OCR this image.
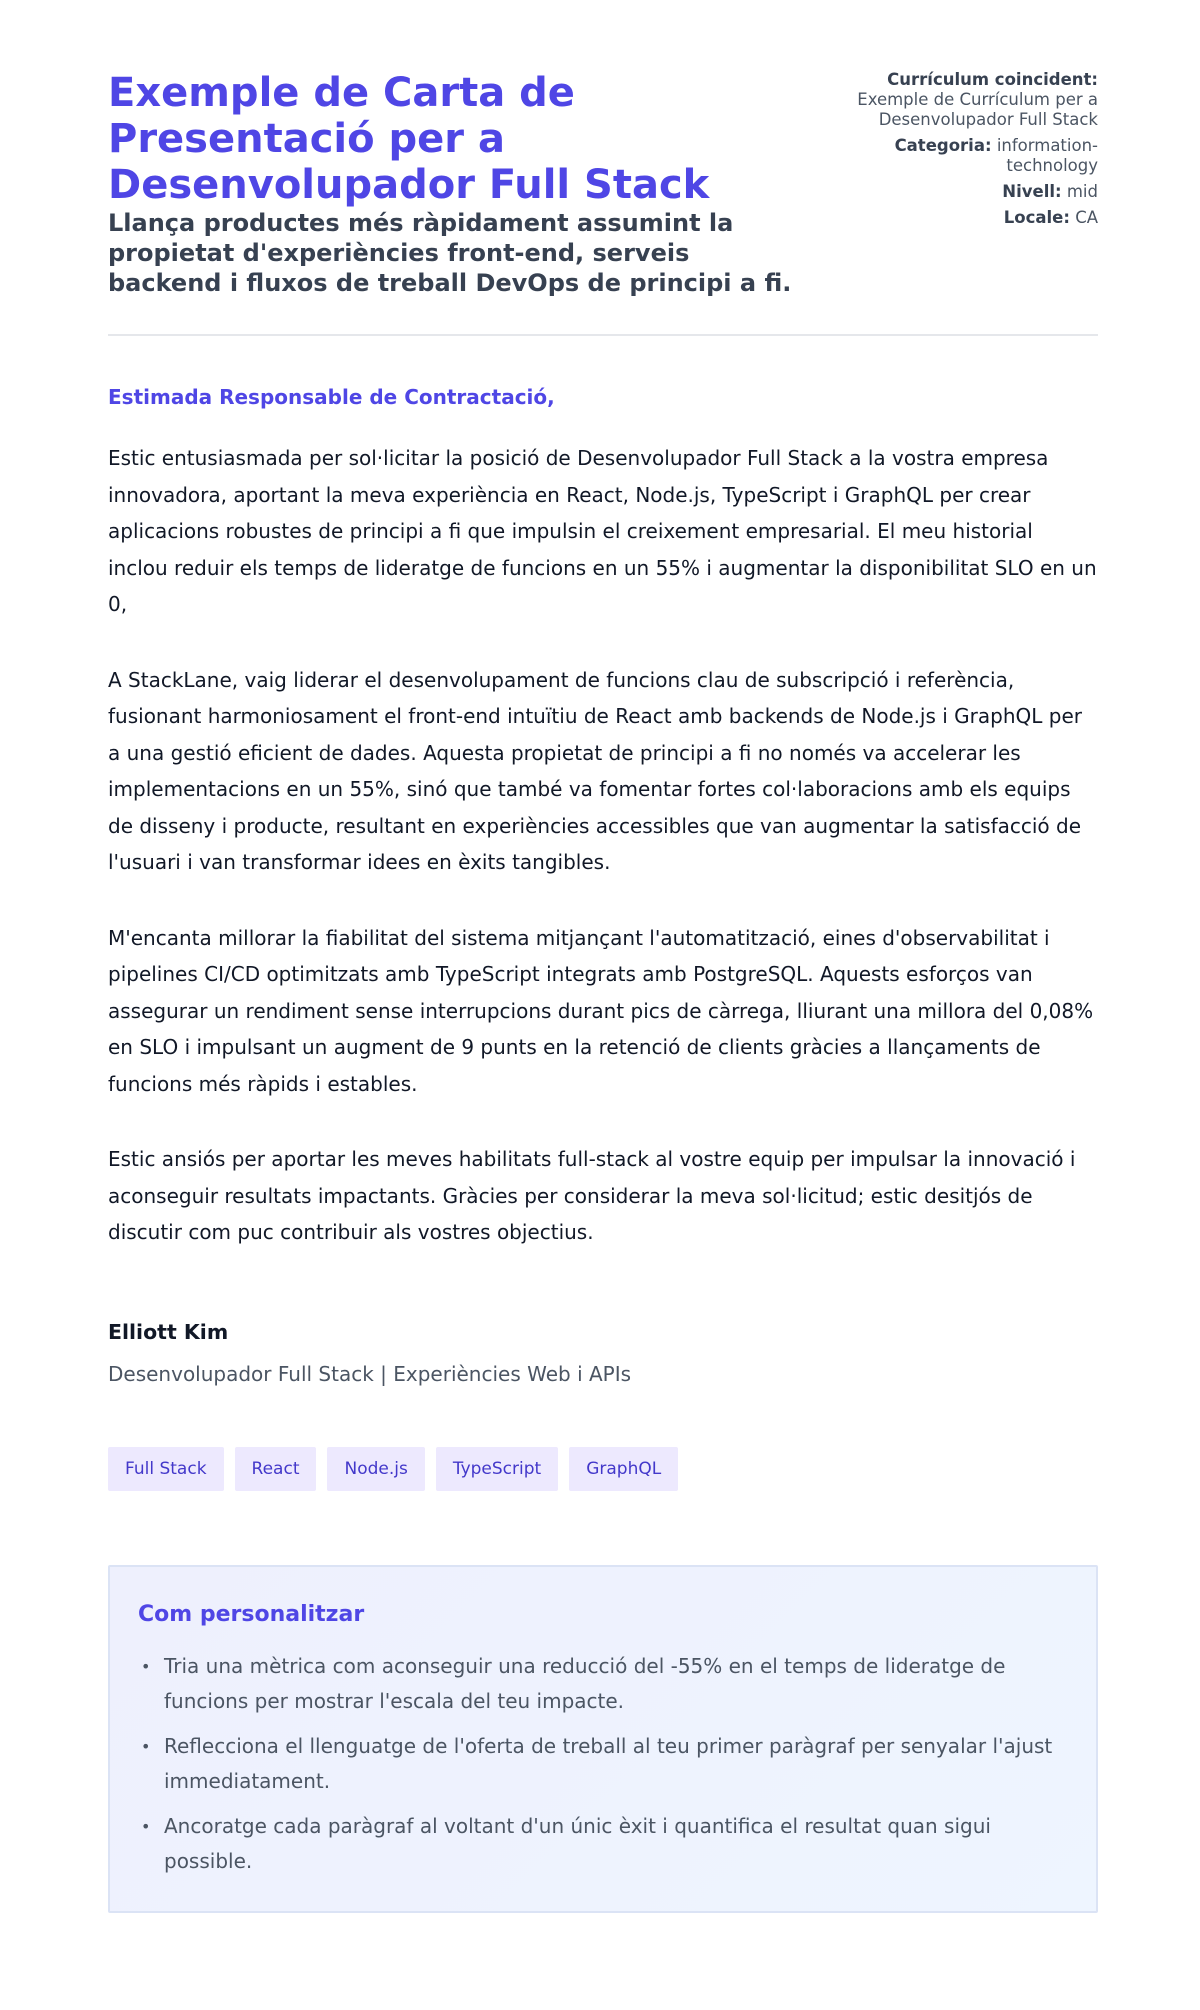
Exemple de Carta de Presentació per a Desenvolupador Full Stack
Llança productes més ràpidament assumint la propietat d'experiències front-end, serveis backend i fluxos de treball DevOps de principi a fi.
Currículum coincident:
Exemple de Currículum per a Desenvolupador Full Stack
Categoria: information-technology
Nivell: mid
Locale: CA

Estimada Responsable de Contractació,

Estic entusiasmada per sol·licitar la posició de Desenvolupador Full Stack a la vostra empresa innovadora, aportant la meva experiència en React, Node.js, TypeScript i GraphQL per crear aplicacions robustes de principi a fi que impulsin el creixement empresarial. El meu historial inclou reduir els temps de lideratge de funcions en un 55% i augmentar la disponibilitat SLO en un 0,

A StackLane, vaig liderar el desenvolupament de funcions clau de subscripció i referència, fusionant harmoniosament el front-end intuïtiu de React amb backends de Node.js i GraphQL per a una gestió eficient de dades. Aquesta propietat de principi a fi no només va accelerar les implementacions en un 55%, sinó que també va fomentar fortes col·laboracions amb els equips de disseny i producte, resultant en experiències accessibles que van augmentar la satisfacció de l'usuari i van transformar idees en èxits tangibles.

M'encanta millorar la fiabilitat del sistema mitjançant l'automatització, eines d'observabilitat i pipelines CI/CD optimitzats amb TypeScript integrats amb PostgreSQL. Aquests esforços van assegurar un rendiment sense interrupcions durant pics de càrrega, lliurant una millora del 0,08% en SLO i impulsant un augment de 9 punts en la retenció de clients gràcies a llançaments de funcions més ràpids i estables.

Estic ansiós per aportar les meves habilitats full-stack al vostre equip per impulsar la innovació i aconseguir resultats impactants. Gràcies per considerar la meva sol·licitud; estic desitjós de discutir com puc contribuir als vostres objectius.

Elliott Kim
Desenvolupador Full Stack | Experiències Web i APIs
Full Stack	React	Node.js	TypeScript	GraphQL
Com personalitzar
• Tria una mètrica com aconseguir una reducció del -55% en el temps de lideratge de funcions per mostrar l'escala del teu impacte.
• Reflecciona el llenguatge de l'oferta de treball al teu primer paràgraf per senyalar l'ajust immediatament.
• Ancoratge cada paràgraf al voltant d'un únic èxit i quantifica el resultat quan sigui possible.
